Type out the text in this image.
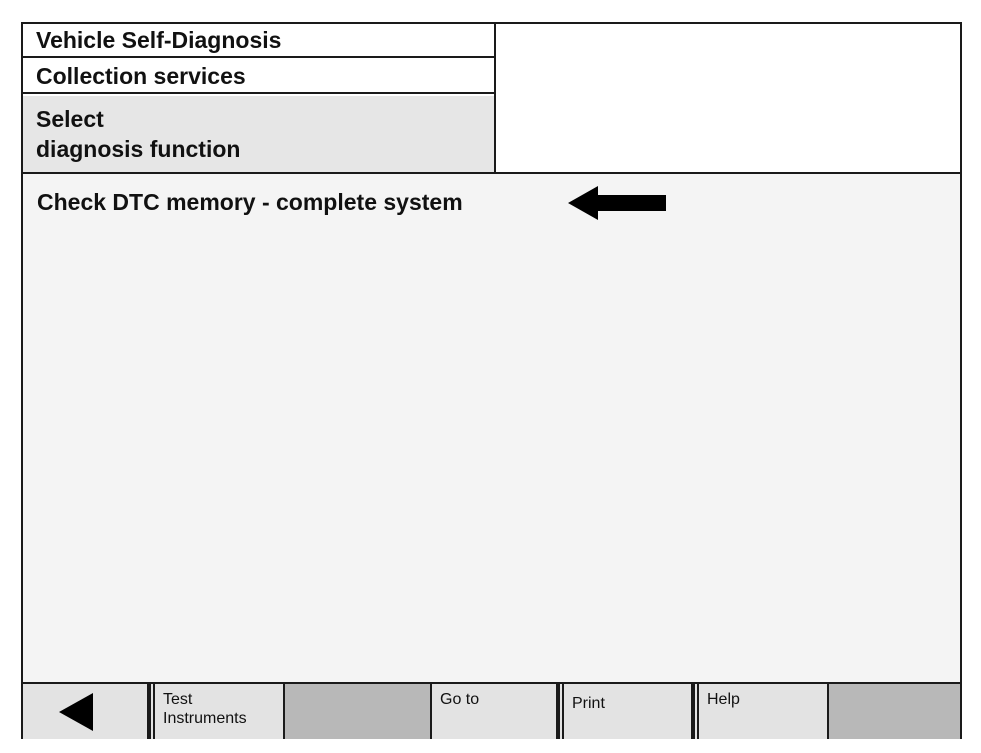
Vehicle Self-Diagnosis
Collection services
Select
diagnosis function
Check DTC memory - complete system
Test
Instruments
Go to	Print	Help
